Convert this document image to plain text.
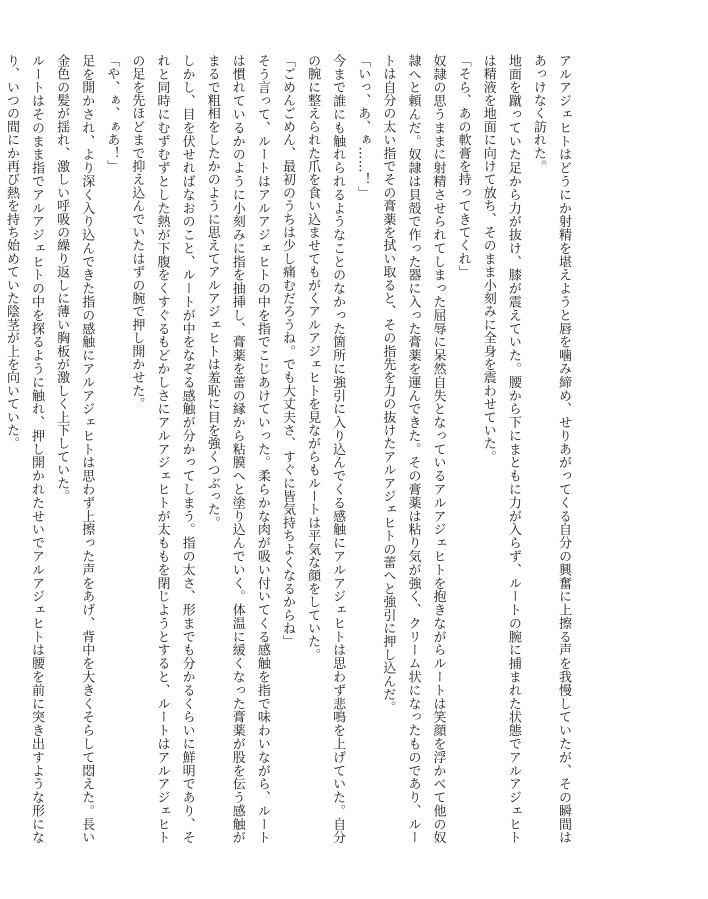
アルアジェヒトはどうにか射精を堪えようと唇を噛み締め、せりあがってくる自分の興奮に上擦る声を我慢していたが、その瞬間はあっけなく訪れた。

地面を蹴っていた足から力が抜け、膝が震えていた。腰から下にまともに力が入らず、ルートの腕に捕まれた状態でアルアジェヒトは精液を地面に向けて放ち、そのまま小刻みに全身を震わせていた。

「そら、あの軟膏を持ってきてくれ」

奴隷の思うままに射精させられてしまった屈辱に呆然自失となっているアルアジェヒトを抱きながらルートは笑顔を浮かべて他の奴隷へと頼んだ。奴隷は貝殻で作った器に入った膏薬を運んできた。その膏薬は粘り気が強く、クリーム状になったものであり、ルートは自分の太い指でその膏薬を拭い取ると、その指先を力の抜けたアルアジェヒトの蕾へと強引に押し込んだ。

「いっ、あ、ぁ……！」

今まで誰にも触れられるようなことのなかった箇所に強引に入り込んでくる感触にアルアジェヒトは思わず悲鳴を上げていた。自分の腕に整えられた爪を食い込ませてもがくアルアジェヒトを見ながらもルートは平気な顔をしていた。

「ごめんごめん、最初のうちは少し痛むだろうね。でも大丈夫さ、すぐに皆気持ちよくなるからね」

そう言って、ルートはアルアジェヒトの中を指でこじあけていった。柔らかな肉が吸い付いてくる感触を指で味わいながら、ルートは慣れているかのように小刻みに指を抽挿し、膏薬を蕾の縁から粘膜へと塗り込んでいく。体温に緩くなった膏薬が股を伝う感触がまるで粗相をしたかのように思えてアルアジェヒトは羞恥に目を強くつぶった。

しかし、目を伏せればなおのこと、ルートが中をなぞる感触が分かってしまう。指の太さ、形までも分かるくらいに鮮明であり、それと同時にむずむずとした熱が下腹をくすぐるもどかしさにアルアジェヒトが太ももを閉じようとすると、ルートはアルアジェヒトの足を先ほどまで抑え込んでいたはずの腕で押し開かせた。

「や、ぁ、ぁあ！」

足を開かされ、より深く入り込んできた指の感触にアルアジェヒトは思わず上擦った声をあげ、背中を大きくそらして悶えた。長い金色の髪が揺れ、激しい呼吸の繰り返しに薄い胸板が激しく上下していた。

ルートはそのまま指でアルアジェヒトの中を探るように触れ、押し開かれたせいでアルアジェヒトは腰を前に突き出すような形になり、いつの間にか再び熱を持ち始めていた陰茎が上を向いていた。
